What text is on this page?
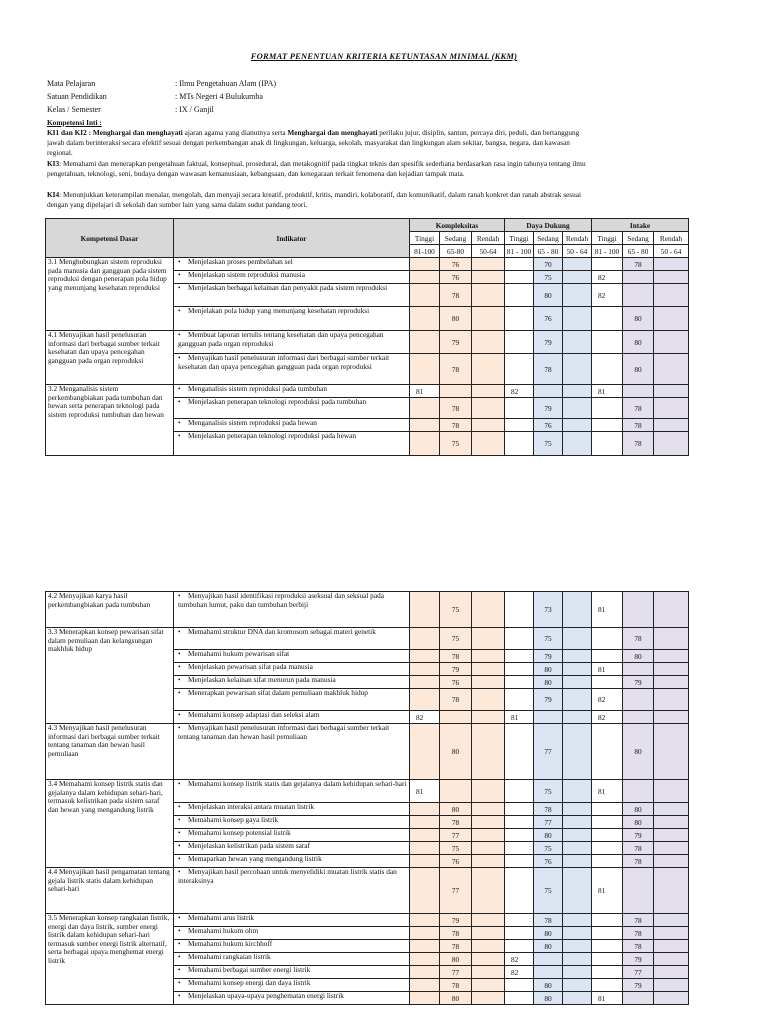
FORMAT PENENTUAN KRITERIA KETUNTASAN MINIMAL (KKM)
Mata Pelajaran	: Ilmu Pengetahuan Alam (IPA)
Satuan Pendidikan	: MTs Negeri 4 Bulukumba
Kelas / Semester	: IX / Ganjil
Kompetensi Inti :
KI1 dan KI2 : Menghargai dan menghayati ajaran agama yang dianutnya serta Menghargai dan menghayati perilaku jujur, disiplin, santun, percaya diri, peduli, dan bertanggung
jawab dalam berinteraksi secara efektif sesuai dengan perkembangan anak di lingkungan, keluarga, sekolah, masyarakat dan lingkungan alam sekitar, bangsa, negara, dan kawasan
regional.
KI3: Memahami dan menerapkan pengetahuan faktual, konseptual, prosedural, dan metakognitif pada tingkat teknis dan spesifik sederhana berdasarkan rasa ingin tahunya tentang ilmu
pengetahuan, teknologi, seni, budaya dengan wawasan kemanusiaan, kebangsaan, dan kenegaraan terkait fenomena dan kejadian tampak mata.
KI4: Menunjukkan keterampilan menalar, mengolah, dan menyaji secara kreatif, produktif, kritis, mandiri, kolaboratif, dan komunikatif, dalam ranah konkret dan ranah abstrak sesuai
dengan yang dipelajari di sekolah dan sumber lain yang sama dalam sudut pandang teori.
Kompetensi Dasar	Indikator	Kompleksitas			Daya Dukung			Intake		
		Tinggi	Sedang	Rendah	Tinggi	Sedang	Rendah	Tinggi	Sedang	Rendah
		81-100	65-80	50-64	81 - 100	65 - 80	50 - 64	81 - 100	65 - 80	50 - 64
3.1 Menghubungkan sistem reproduksi pada manusia dan gangguan pada sistem reproduksi dengan penerapan pola hidup yang menunjang kesehatan reproduksi	• Menjelaskan proses pembelahan sel		76			70			78	
	• Menjelaskan sistem reproduksi manusia		76			75		82		
	• Menjelaskan berbagai kelainan dan penyakit pada sistem reproduksi		78			80		82		
	• Menjelakan pola hidup yang menunjang kesehatan reproduksi		80			76			80	
4.1 Menyajikan hasil penelusuran informasi dari berbagai sumber terkait kesehatan dan upaya pencegahan gangguan pada organ reproduksi	• Membuat laporan tertulis tentang kesehatan dan upaya pencegahan gangguan pada organ reproduksi		79			79			80	
	• Menyajikan hasil penelusuran informasi dari berbagai sumber terkait kesehatan dan upaya pencegahan gangguan pada organ reproduksi		78			78			80	
3.2 Menganalisis sistem perkembangbiakan pada tumbuhan dan hewan serta penerapan teknologi pada sistem reproduksi tumbuhan dan hewan	• Menganalisis sistem reproduksi pada tumbuhan	81			82			81		
	• Menjelaskan penerapan teknologi reproduksi pada tumbuhan		78			79			78	
	• Menganalisis sistem reproduksi pada hewan		78			76			78	
	• Menjelaskan penerapan teknologi reproduksi pada hewan		75			75			78	
4.2 Menyajikan karya hasil perkembangbiakan pada tumbuhan	• Menyajikan hasil identifikasi reproduksi aseksual dan seksual pada tumbuhan lumut, paku dan tumbuhan berbiji		75			73		81		
3.3 Menerapkan konsep pewarisan sifat dalam pemuliaan dan kelangsungan makhluk hidup	• Memahami struktur DNA dan kromosom sebagai materi genetik		75			75			78	
	• Memahami hukum pewarisan sifat		78			79			80	
	• Menjelaskan pewarisan sifat pada manusia		79			80		81		
	• Menjelaskan kelainan sifat menurun pada manusia		76			80			79	
	• Menerapkan pewarisan sifat dalam pemuliaan makhluk hidup		78			79		82		
	• Memahami konsep adaptasi dan seleksi alam	82			81			82		
4.3 Menyajikan hasil penelusuran informasi dari berbagai sumber terkait tentang tanaman dan hewan hasil pemuliaan	• Menyajikan hasil penelusuran informasi dari berbagai sumber terkait tentang tanaman dan hewan hasil pemuliaan		80			77			80	
3.4 Memahami konsep listrik statis dan gejalanya dalam kehidupan sehari-hari, termasuk kelistrikan pada sistem saraf dan hewan yang mengandung listrik	• Memahami konsep listrik statis dan gejalanya dalam kehidupan sehari-hari	81				75		81		
	• Menjelaskan interaksi antara muatan listrik		80			78			80	
	• Memahami konsep gaya listrik		78			77			80	
	• Memahami konsep potensial listrik		77			80			79	
	• Menjelaskan kelistrikan pada sistem saraf		75			75			78	
	• Memaparkan hewan yang mengandung listrik		76			76			78	
4.4 Menyajikan hasil pengamatan tentang gejala listrik statis dalam kehidupan sehari-hari	• Menyajikan hasil percobaan untuk menyelidiki muatan listrik statis dan interaksinya		77			75		81		
3.5 Menerapkan konsep rangkaian listrik, energi dan daya listrik, sumber energi listrik dalam kehidupan sehari-hari termasuk sumber energi listrik alternatif, serta berbagai upaya menghemat energi listrik	• Memahami arus listrik		79			78			78	
	• Memahami hukum ohm		78			80			78	
	• Memahami hukum kirchhoff		78			80			78	
	• Memahami rangkaian listrik		80		82				79	
	• Memahami berbagai sumber energi listrik		77		82				77	
	• Memahami konsep energi dan daya listrik		78			80			79	
	• Menjelaskan upaya-upaya penghematan energi listrik		80			80		81		
